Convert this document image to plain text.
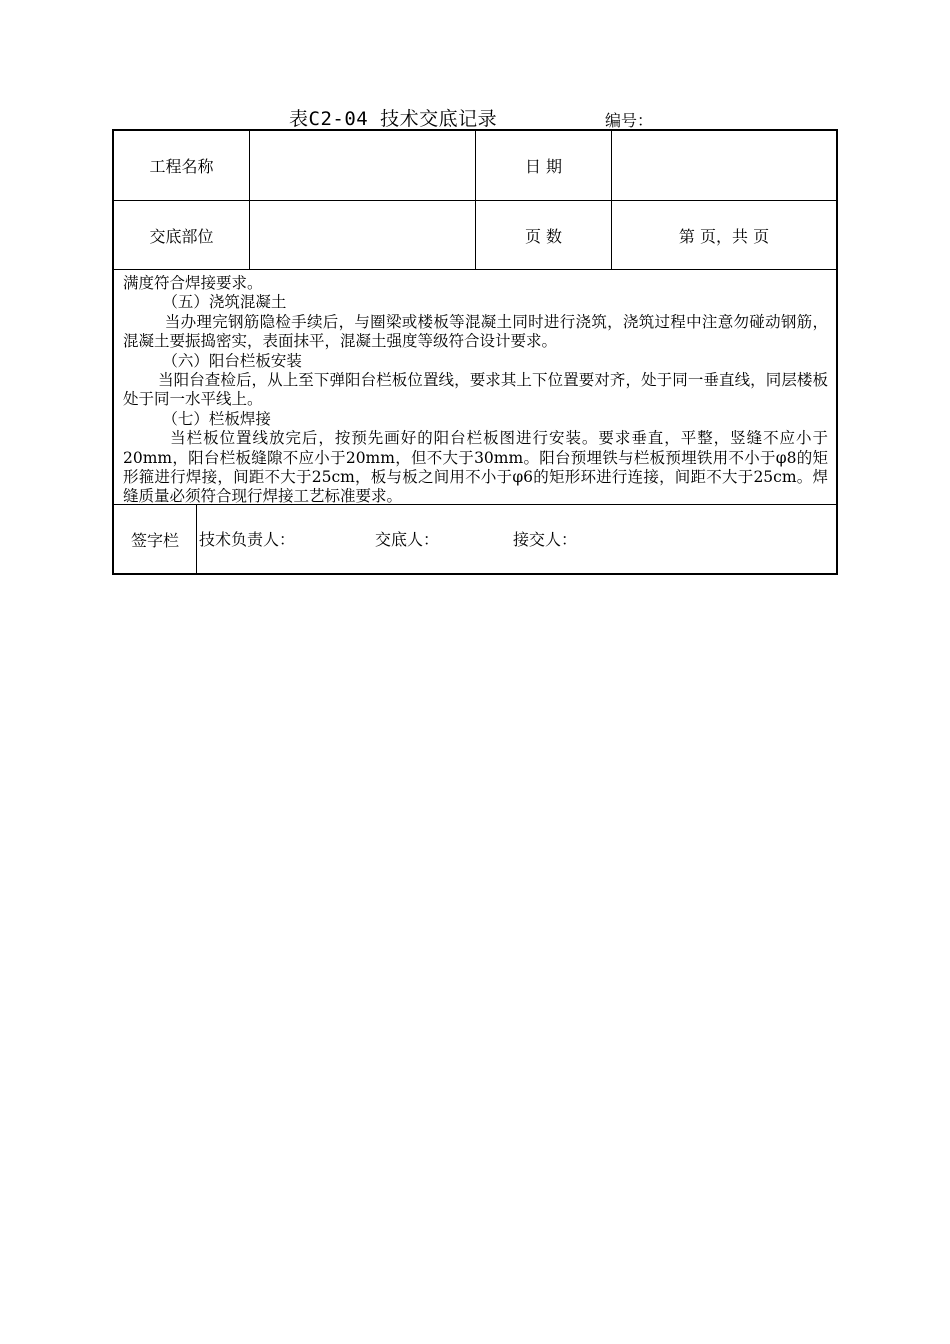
表C2-04 技术交底记录	编号：
工程名称	日 期
交底部位	页 数	第 页，共 页

满度符合焊接要求。

（五）浇筑混凝土

当办理完钢筋隐检手续后，与圈梁或楼板等混凝土同时进行浇筑，浇筑过程中注意勿碰动钢筋，混凝土要振捣密实，表面抹平，混凝土强度等级符合设计要求。

（六）阳台栏板安装

当阳台查检后，从上至下弹阳台栏板位置线，要求其上下位置要对齐，处于同一垂直线，同层楼板处于同一水平线上。

（七）栏板焊接

当栏板位置线放完后，按预先画好的阳台栏板图进行安装。要求垂直，平整，竖缝不应小于20mm，阳台栏板缝隙不应小于20mm，但不大于30mm。阳台预埋铁与栏板预埋铁用不小于φ8的矩形箍进行焊接，间距不大于25cm，板与板之间用不小于φ6的矩形环进行连接，间距不大于25cm。焊缝质量必须符合现行焊接工艺标准要求。

签字栏	技术负责人：	交底人：	接交人：
